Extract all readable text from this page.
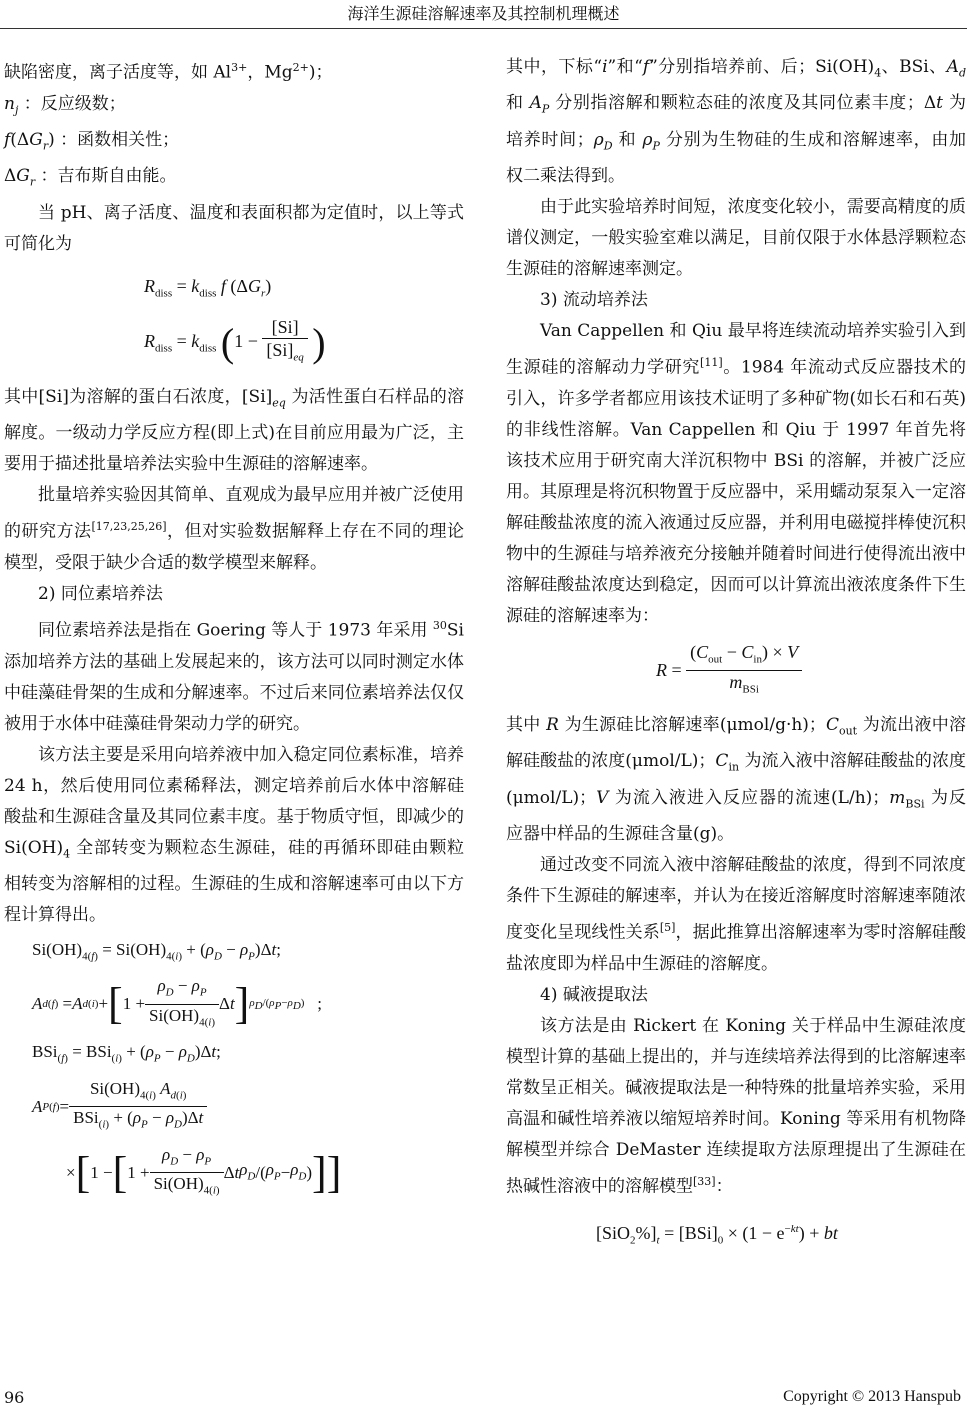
海洋生源硅溶解速率及其控制机理概述

缺陷密度，离子活度等，如 $Al^{3+}$，$Mg^{2+}$)；

$n_j$ ：反应级数；

$f(\Delta G_r)$ ：函数相关性；

$\Delta G_r$ ：吉布斯自由能。

当 pH、离子活度、温度和表面积都为定值时，以上等式可简化为

$R_{diss} = k_{diss}$ f $(\Delta G_r)$
$R_{diss} = k_{diss}$ ($1 - \frac{[Si]}{[Si]_{eq}}$ )

其中[Si]为溶解的蛋白石浓度，$[Si]_{eq}$ 为活性蛋白石样品的溶解度。一级动力学反应方程(即上式)在目前应用最为广泛，主要用于描述批量培养法实验中生源硅的溶解速率。

批量培养实验因其简单、直观成为最早应用并被广泛使用的研究方法[17,23,25,26]，但对实验数据解释上存在不同的理论模型，受限于缺少合适的数学模型来解释。

2) 同位素培养法

同位素培养法是指在 Goering 等人于 1973 年采用 $^{30}$Si 添加培养方法的基础上发展起来的，该方法可以同时测定水体中硅藻硅骨架的生成和分解速率。不过后来同位素培养法仅仅被用于水体中硅藻硅骨架动力学的研究。

该方法主要是采用向培养液中加入稳定同位素标准，培养 24 h，然后使用同位素稀释法，测定培养前后水体中溶解硅酸盐和生源硅含量及其同位素丰度。基于物质守恒，即减少的 $Si(OH)_4$ 全部转变为颗粒态生源硅，硅的再循环即硅由颗粒相转变为溶解相的过程。生源硅的生成和溶解速率可由以下方程计算得出。

$Si(OH)_{4(f)} = Si(OH)_{4(i)} + (\rho_D - \rho_P)\Delta t$;
A d(f) = A d(i) + [ $1 + \frac{\rho_D - \rho_P}{Si(OH)_{4(i)}}$ Δ t ] $\rho_D/(\rho_P-\rho_D)$ ;
$BSi_{(f)} = BSi_{(i)} + (\rho_P - \rho_D)\Delta t$;
A $P(f) = \frac{Si(OH)_{4(i)} A_{d(i)}}{BSi_{(i)} + (\rho_P - \rho_D)\Delta t}$
× [ 1 − [ $1 + \frac{\rho_D - \rho_P}{Si(OH)_{4(i)}}$ Δ t $\rho_D$ /( $\rho_P - \rho_D$ ) ]]

其中，下标“i”和“f”分别指培养前、后；$Si(OH)_4$、BSi、$A_d$ 和 $A_P$ 分别指溶解和颗粒态硅的浓度及其同位素丰度；Δt 为培养时间；$\rho_D$ 和 $\rho_P$ 分别为生物硅的生成和溶解速率，由加权二乘法得到。

由于此实验培养时间短，浓度变化较小，需要高精度的质谱仪测定，一般实验室难以满足，目前仅限于水体悬浮颗粒态生源硅的溶解速率测定。

3) 流动培养法

Van Cappellen 和 Qiu 最早将连续流动培养实验引入到生源硅的溶解动力学研究[11]。1984 年流动式反应器技术的引入，许多学者都应用该技术证明了多种矿物(如长石和石英)的非线性溶解。Van Cappellen 和 Qiu 于 1997 年首先将该技术应用于研究南大洋沉积物中 BSi 的溶解，并被广泛应用。其原理是将沉积物置于反应器中，采用蠕动泵泵入一定溶解硅酸盐浓度的流入液通过反应器，并利用电磁搅拌棒使沉积物中的生源硅与培养液充分接触并随着时间进行使得流出液中溶解硅酸盐浓度达到稳定，因而可以计算流出液浓度条件下生源硅的溶解速率为：

$R = \frac{(C_{out} - C_{in}) \times V}{m_{BSi}}$

其中 R 为生源硅比溶解速率(μmol/g·h)；$C_{out}$ 为流出液中溶解硅酸盐的浓度(μmol/L)；$C_{in}$ 为流入液中溶解硅酸盐的浓度(μmol/L)；V 为流入液进入反应器的流速(L/h)；$m_{BSi}$ 为反应器中样品的生源硅含量(g)。

通过改变不同流入液中溶解硅酸盐的浓度，得到不同浓度条件下生源硅的解速率，并认为在接近溶解度时溶解速率随浓度变化呈现线性关系[5]，据此推算出溶解速率为零时溶解硅酸盐浓度即为样品中生源硅的溶解度。

4) 碱液提取法

该方法是由 Rickert 在 Koning 关于样品中生源硅浓度模型计算的基础上提出的，并与连续培养法得到的比溶解速率常数呈正相关。碱液提取法是一种特殊的批量培养实验，采用高温和碱性培养液以缩短培养时间。Koning 等采用有机物降解模型并综合 DeMaster 连续提取方法原理提出了生源硅在热碱性溶液中的溶解模型[33]：

$[SiO_2\%]_t = [BSi]_0 \times (1 - e^{-kt})$ + bt
96	Copyright © 2013 Hanspub
